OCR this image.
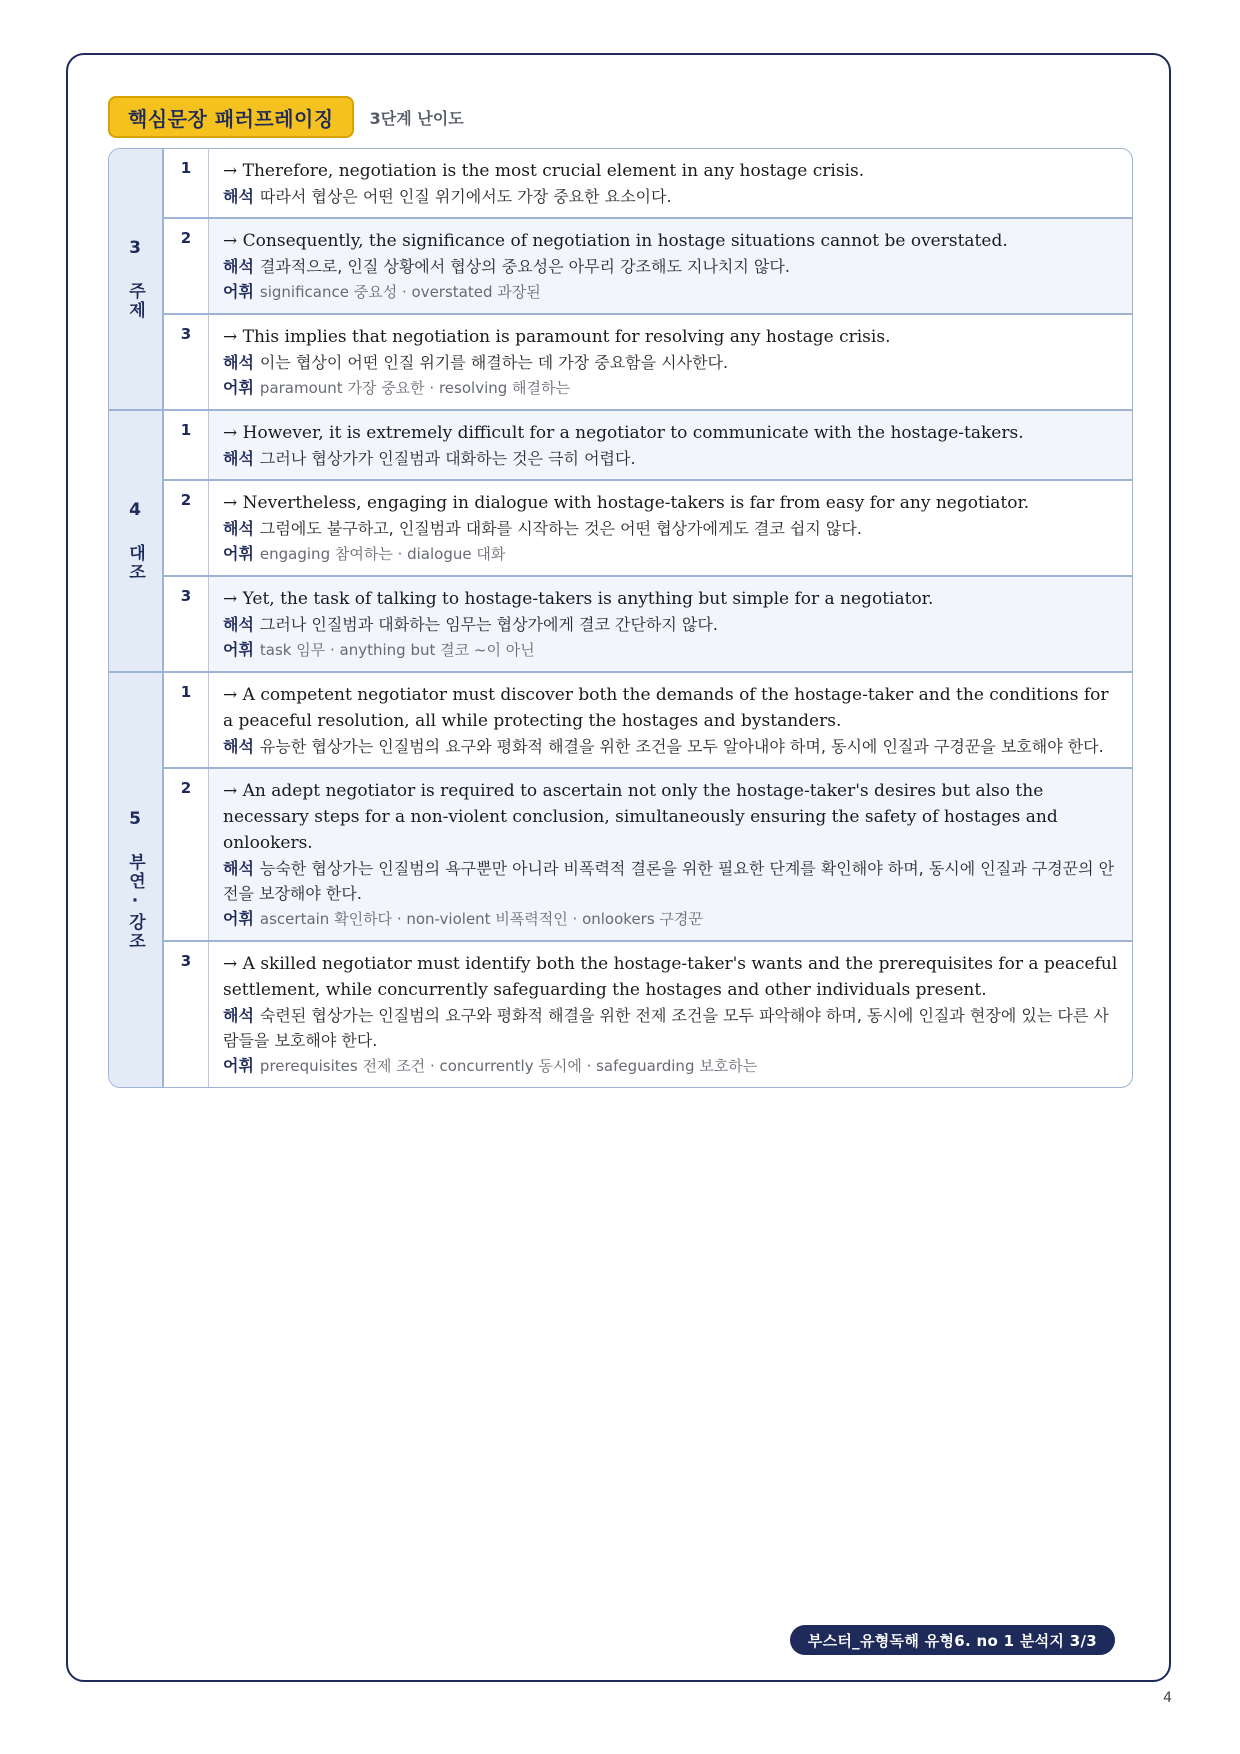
핵심문장 패러프레이징	3단계 난이도
3 주제
1	→ Therefore, negotiation is the most crucial element in any hostage crisis.
해석 따라서 협상은 어떤 인질 위기에서도 가장 중요한 요소이다.
2	→ Consequently, the significance of negotiation in hostage situations cannot be overstated.
해석 결과적으로, 인질 상황에서 협상의 중요성은 아무리 강조해도 지나치지 않다.
어휘 significance 중요성 · overstated 과장된
3	→ This implies that negotiation is paramount for resolving any hostage crisis.
해석 이는 협상이 어떤 인질 위기를 해결하는 데 가장 중요함을 시사한다.
어휘 paramount 가장 중요한 · resolving 해결하는
4 대조
1	→ However, it is extremely difficult for a negotiator to communicate with the hostage-takers.
해석 그러나 협상가가 인질범과 대화하는 것은 극히 어렵다.
2	→ Nevertheless, engaging in dialogue with hostage-takers is far from easy for any negotiator.
해석 그럼에도 불구하고, 인질범과 대화를 시작하는 것은 어떤 협상가에게도 결코 쉽지 않다.
어휘 engaging 참여하는 · dialogue 대화
3	→ Yet, the task of talking to hostage-takers is anything but simple for a negotiator.
해석 그러나 인질범과 대화하는 임무는 협상가에게 결코 간단하지 않다.
어휘 task 임무 · anything but 결코 ~이 아닌
5 부연·강조
1	→ A competent negotiator must discover both the demands of the hostage-taker and the conditions for a peaceful resolution, all while protecting the hostages and bystanders.
해석 유능한 협상가는 인질범의 요구와 평화적 해결을 위한 조건을 모두 알아내야 하며, 동시에 인질과 구경꾼을 보호해야 한다.
2	→ An adept negotiator is required to ascertain not only the hostage-taker's desires but also the necessary steps for a non-violent conclusion, simultaneously ensuring the safety of hostages and onlookers.
해석 능숙한 협상가는 인질범의 욕구뿐만 아니라 비폭력적 결론을 위한 필요한 단계를 확인해야 하며, 동시에 인질과 구경꾼의 안전을 보장해야 한다.
어휘 ascertain 확인하다 · non-violent 비폭력적인 · onlookers 구경꾼
3	→ A skilled negotiator must identify both the hostage-taker's wants and the prerequisites for a peaceful settlement, while concurrently safeguarding the hostages and other individuals present.
해석 숙련된 협상가는 인질범의 요구와 평화적 해결을 위한 전제 조건을 모두 파악해야 하며, 동시에 인질과 현장에 있는 다른 사람들을 보호해야 한다.
어휘 prerequisites 전제 조건 · concurrently 동시에 · safeguarding 보호하는
부스터_유형독해 유형6. no 1 분석지 3/3
4
